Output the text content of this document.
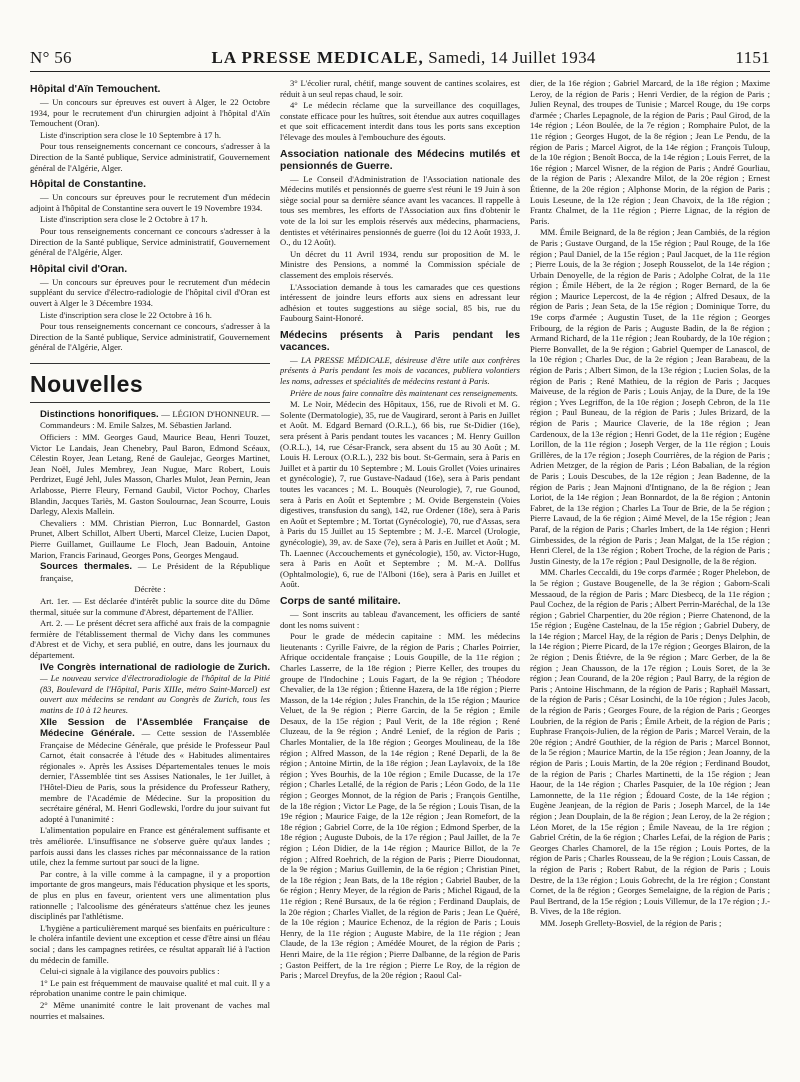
N° 56	LA PRESSE MEDICALE, Samedi, 14 Juillet 1934	1151
Hôpital d'Aïn Temouchent.

— Un concours sur épreuves est ouvert à Alger, le 22 Octobre 1934, pour le recrutement d'un chirurgien adjoint à l'hôpital d'Aïn Temouchent (Oran).

Liste d'inscription sera close le 10 Septembre à 17 h.

Pour tous renseignements concernant ce concours, s'adresser à la Direction de la Santé publique, Service administratif, Gouvernement général de l'Algérie, Alger.

Hôpital de Constantine.

— Un concours sur épreuves pour le recrutement d'un médecin adjoint à l'hôpital de Constantine sera ouvert le 19 Novembre 1934.

Liste d'inscription sera close le 2 Octobre à 17 h.

Pour tous renseignements concernant ce concours s'adresser à la Direction de la Santé publique, Service administratif, Gouvernement général de l'Algérie, Alger.

Hôpital civil d'Oran.

— Un concours sur épreuves pour le recrutement d'un médecin suppléant du service d'électro-radiologie de l'hôpital civil d'Oran est ouvert à Alger le 3 Décembre 1934.

Liste d'inscription sera close le 22 Octobre à 16 h.

Pour tous renseignements concernant ce concours, s'adresser à la Direction de la Santé publique, Service administratif, Gouvernement général de l'Algérie, Alger.

Nouvelles

Distinctions honorifiques. — LÉGION D'HONNEUR. — Commandeurs : M. Emile Salzes, M. Sébastien Jarland.

Officiers : MM. Georges Gaud, Maurice Beau, Henri Touzet, Victor Le Landais, Jean Chenebry, Paul Baron, Edmond Scéaux, Célestin Royer, Jean Letang, René de Gaulejac, Georges Martinet, Jean Noël, Jules Membrey, Jean Nugue, Marc Robert, Louis Perdrizet, Eugé Jehl, Jules Masson, Charles Mulot, Jean Pernin, Jean Arlabosse, Pierre Fleury, Fernand Gaubil, Victor Pochoy, Charles Blandin, Jacques Tariès, M. Gaston Soulournac, Jean Scourre, Louis Darlegy, Alexis Mallein.

Chevaliers : MM. Christian Pierron, Luc Bonnardel, Gaston Prunet, Albert Schillot, Albert Uberti, Marcel Cleize, Lucien Dapot, Pierre Guillamet, Guillaume Le Floch, Jean Badouin, Antoine Marion, Francis Farinaud, Georges Pons, Georges Mengaud.

Sources thermales. — Le Président de la République française,

Décrète :

Art. 1er. — Est déclarée d'intérêt public la source dite du Dôme thermal, située sur la commune d'Abrest, département de l'Allier.

Art. 2. — Le présent décret sera affiché aux frais de la compagnie fermière de l'établissement thermal de Vichy dans les communes d'Abrest et de Vichy, et sera publié, en outre, dans les journaux du département.

IVe Congrès international de radiologie de Zurich. — Le nouveau service d'électroradiologie de l'hôpital de la Pitié (83, Boulevard de l'Hôpital, Paris XIIIe, métro Saint-Marcel) est ouvert aux médecins se rendant au Congrès de Zurich, tous les matins de 10 à 12 heures.

XIIe Session de l'Assemblée Française de Médecine Générale. — Cette session de l'Assemblée Française de Médecine Générale, que préside le Professeur Paul Carnot, était consacrée à l'étude des « Habitudes alimentaires régionales ». Après les Assises Départementales tenues le mois dernier, l'Assemblée tint ses Assises Nationales, le 1er Juillet, à l'Hôtel-Dieu de Paris, sous la présidence du Professeur Rathery, membre de l'Académie de Médecine. Sur la proposition du secrétaire général, M. Henri Godlewski, l'ordre du jour suivant fut adopté à l'unanimité :

L'alimentation populaire en France est généralement suffisante et très améliorée. L'insuffisance ne s'observe guère qu'aux landes ; parfois aussi dans les classes riches par méconnaissance de la ration utile, chez la femme surtout par souci de la ligne.

Par contre, à la ville comme à la campagne, il y a proportion importante de gros mangeurs, mais l'éducation physique et les sports, de plus en plus en faveur, orientent vers une alimentation plus rationnelle ; l'alcoolisme des générateurs s'atténue chez les jeunes disciplinés par l'athlétisme.

L'hygiène a particulièrement marqué ses bienfaits en puériculture : le choléra infantile devient une exception et cesse d'être ainsi un fléau social ; dans les campagnes retirées, ce résultat apparaît lié à l'action du médecin de famille.

Celui-ci signale à la vigilance des pouvoirs publics :

1° Le pain est fréquemment de mauvaise qualité et mal cuit. Il y a réprobation unanime contre le pain chimique.

2° Même unanimité contre le lait provenant de vaches mal nourries et malsaines.

3° L'écolier rural, chétif, mange souvent de cantines scolaires, est réduit à un seul repas chaud, le soir.

4° Le médecin réclame que la surveillance des coquillages, constate efficace pour les huîtres, soit étendue aux autres coquillages et que soit efficacement interdit dans tous les ports sans exception l'élevage des moules à l'embouchure des égouts.

Association nationale des Médecins mutilés et pensionnés de Guerre.

— Le Conseil d'Administration de l'Association nationale des Médecins mutilés et pensionnés de guerre s'est réuni le 19 Juin à son siège social pour sa dernière séance avant les vacances. Il rappelle à tous ses membres, les efforts de l'Association aux fins d'obtenir le vote de la loi sur les emplois réservés aux médecins, pharmaciens, dentistes et vétérinaires pensionnés de guerre (loi du 12 Août 1933, J. O., du 12 Août).

Un décret du 11 Avril 1934, rendu sur proposition de M. le Ministre des Pensions, a nommé la Commission spéciale de classement des emplois réservés.

L'Association demande à tous les camarades que ces questions intéressent de joindre leurs efforts aux siens en adressant leur adhésion et toutes suggestions au siège social, 85 bis, rue du Faubourg Saint-Honoré.

Médecins présents à Paris pendant les vacances.

— LA PRESSE MÉDICALE, désireuse d'être utile aux confrères présents à Paris pendant les mois de vacances, publiera volontiers les noms, adresses et spécialités de médecins restant à Paris.

Prière de nous faire connaître dès maintenant ces renseignements.

M. Le Noir, Médecin des Hôpitaux, 156, rue de Rivoli et M. G. Solente (Dermatologie), 35, rue de Vaugirard, seront à Paris en Juillet et Août. M. Edgard Bernard (O.R.L.), 66 bis, rue St-Didier (16e), sera présent à Paris pendant toutes les vacances ; M. Henry Guillon (O.R.L.), 14, rue César-Franck, sera absent du 15 au 30 Août ; M. Louis H. Leroux (O.R.L.), 232 bis bout. St-Germain, sera à Paris en Juillet et à partir du 10 Septembre ; M. Louis Grollet (Voies urinaires et gynécologie), 7, rue Gustave-Nadaud (16e), sera à Paris pendant toutes les vacances ; M. L. Bouquès (Neurologie), 7, rue Gounod, sera à Paris en Août et Septembre ; M. Ovide Bergenstein (Voies digestives, transfusion du sang), 142, rue Ordener (18e), sera à Paris en Août et Septembre ; M. Tortat (Gynécologie), 70, rue d'Assas, sera à Paris du 15 Juillet au 15 Septembre ; M. J.-E. Marcel (Urologie, gynécologie), 39, av. de Saxe (7e), sera à Paris en Juillet et Août ; M. Th. Laennec (Accouchements et gynécologie), 150, av. Victor-Hugo, sera à Paris en Août et Septembre ; M. M.-A. Dollfus (Ophtalmologie), 6, rue de l'Alboni (16e), sera à Paris en Juillet et Août.

Corps de santé militaire.

— Sont inscrits au tableau d'avancement, les officiers de santé dont les noms suivent :

Pour le grade de médecin capitaine : MM. les médecins lieutenants : Cyrille Faivre, de la région de Paris ; Charles Poirrier, Afrique occidentale française ; Louis Goupille, de la 11e région ; Charles Lasserre, de la 18e région ; Pierre Keller, des troupes du groupe de l'Indochine ; Louis Fagart, de la 9e région ; Théodore Chevalier, de la 13e région ; Étienne Hazera, de la 18e région ; Pierre Masson, de la 14e région ; Jules Franchin, de la 15e région ; Maurice Veluet, de la 9e région ; Pierre Garcin, de la 5e région ; Emile Desaux, de la 15e région ; Paul Verit, de la 18e région ; René Cluzeau, de la 9e région ; André Lenief, de la région de Paris ; Charles Montalier, de la 18e région ; Georges Moulineau, de la 18e région ; Alfred Masson, de la 14e région ; René Deparli, de la 8e région ; Antoine Mirtin, de la 18e région ; Jean Laylavoix, de la 18e région ; Yves Bourhis, de la 10e région ; Emile Ducasse, de la 17e région ; Charles Letallé, de la région de Paris ; Léon Godo, de la 11e région ; Georges Monnot, de la région de Paris ; François Gentilhe, de la 18e région ; Victor Le Page, de la 5e région ; Louis Tisan, de la 19e région ; Maurice Faige, de la 12e région ; Jean Romefort, de la 18e région ; Gabriel Corre, de la 10e région ; Edmond Sperber, de la 18e région ; Auguste Dubois, de la 17e région ; Paul Jaillet, de la 7e région ; Léon Didier, de la 14e région ; Maurice Billot, de la 7e région ; Alfred Roehrich, de la région de Paris ; Pierre Dioudonnat, de la 9e région ; Marius Guillemin, de la 6e région ; Christian Pinet, de la 18e région ; Jean Bats, de la 18e région ; Gabriel Bauber, de la 6e région ; Henry Meyer, de la région de Paris ; Michel Rigaud, de la 11e région ; René Bursaux, de la 6e région ; Ferdinand Dauplais, de la 20e région ; Charles Viallet, de la région de Paris ; Jean Le Quéré, de la 10e région ; Maurice Echenoz, de la région de Paris ; Louis Henry, de la 11e région ; Auguste Mabire, de la 11e région ; Jean Claude, de la 13e région ; Amédée Mouret, de la région de Paris ; Henri Maire, de la 11e région ; Pierre Dalbanne, de la région de Paris ; Gaston Peiffert, de la 1re région ; Pierre Le Roy, de la région de Paris ; Marcel Dreyfus, de la 20e région ; Raoul Cal-

dier, de la 16e région ; Gabriel Marcard, de la 18e région ; Maxime Leroy, de la région de Paris ; Henri Verdier, de la région de Paris ; Julien Reynal, des troupes de Tunisie ; Marcel Rouge, du 19e corps d'armée ; Charles Lepagnole, de la région de Paris ; Paul Girod, de la 14e région ; Léon Boulée, de la 7e région ; Romphaire Pulot, de la 11e région ; Georges Hugot, de la 8e région ; Jean Le Pendu, de la région de Paris ; Marcel Aigrot, de la 14e région ; François Tuloup, de la 10e région ; Benoît Bocca, de la 14e région ; Louis Ferret, de la 16e région ; Marcel Wisner, de la région de Paris ; André Gourliau, de la région de Paris ; Alexandre Milot, de la 20e région ; Ernest Étienne, de la 20e région ; Alphonse Morin, de la région de Paris ; Louis Leseune, de la 12e région ; Jean Chavoix, de la 18e région ; Frantz Chalmet, de la 11e région ; Pierre Lignac, de la région de Paris.

MM. Émile Beignard, de la 8e région ; Jean Cambiés, de la région de Paris ; Gustave Ourgand, de la 15e région ; Paul Rouge, de la 16e région ; Paul Daniel, de la 15e région ; Paul Jacquet, de la 11e région ; Pierre Louis, de la 3e région ; Joseph Rousselot, de la 14e région ; Urbain Denoyelle, de la région de Paris ; Adolphe Colrat, de la 11e région ; Émile Hébert, de la 2e région ; Roger Bernard, de la 6e région ; Maurice Lepercost, de la 4e région ; Alfred Desaux, de la région de Paris ; Jean Seta, de la 15e région ; Dominique Torre, du 19e corps d'armée ; Augustin Tuset, de la 11e région ; Georges Fribourg, de la région de Paris ; Auguste Badin, de la 8e région ; Armand Richard, de la 11e région ; Jean Roubardy, de la 10e région ; Pierre Bonvallet, de la 9e région ; Gabriel Quemper de Lanascol, de la 10e région ; Charles Duc, de la 2e région ; Jean Barabeau, de la région de Paris ; Albert Simon, de la 13e région ; Lucien Solas, de la région de Paris ; René Mathieu, de la région de Paris ; Jacques Maiveuse, de la région de Paris ; Louis Anjay, de la Dure, de la 19e région ; Yves Legriffon, de la 10e région ; Joseph Cebron, de la 11e région ; Paul Buneau, de la région de Paris ; Jules Brizard, de la région de Paris ; Maurice Claverie, de la 18e région ; Jean Cardenoux, de la 13e région ; Henri Godet, de la 11e région ; Eugène Lorillon, de la 11e région ; Joseph Verger, de la 11e région ; Louis Grillères, de la 17e région ; Joseph Courrières, de la région de Paris ; Adrien Metzger, de la région de Paris ; Léon Babalian, de la région de Paris ; Louis Descubes, de la 12e région ; Jean Badenne, de la région de Paris ; Jean Majnoni d'Intignano, de la 8e région ; Jean Loriot, de la 14e région ; Jean Bonnardot, de la 8e région ; Antonin Fabret, de la 13e région ; Charles La Tour de Brie, de la 5e région ; Pierre Lavaud, de la 6e région ; Aimé Mevel, de la 15e région ; Jean Paraf, de la région de Paris ; Charles Imbert, de la 14e région ; Henri Gimbessides, de la région de Paris ; Jean Malgat, de la 15e région ; Henri Clerel, de la 13e région ; Robert Troche, de la région de Paris ; Justin Ginesty, de la 17e région ; Paul Designolle, de la 8e région.

MM. Charles Ceccaldi, du 19e corps d'armée ; Roger Phelebon, de la 5e région ; Gustave Bougenelle, de la 3e région ; Gaborn-Scali Messaoud, de la région de Paris ; Marc Diesbecq, de la 11e région ; Paul Cochez, de la région de Paris ; Albert Perrin-Maréchal, de la 13e région ; Gabriel Charpentier, du 20e région ; Pierre Chatenond, de la 15e région ; Eugène Castelnau, de la 15e région ; Gabriel Dubery, de la 14e région ; Marcel Hay, de la région de Paris ; Denys Delphin, de la 14e région ; Pierre Picard, de la 17e région ; Georges Blairon, de la 2e région ; Denis Étiévre, de la 9e région ; Marc Gerber, de la 8e région ; Jean Chausson, de la 17e région ; Louis Soret, de la 3e région ; Jean Courand, de la 20e région ; Paul Barry, de la région de Paris ; Antoine Hischmann, de la région de Paris ; Raphaël Massart, de la région de Paris ; César Losinchi, de la 10e région ; Jules Jacob, de la région de Paris ; Georges Foure, de la région de Paris ; Georges Loubrien, de la région de Paris ; Émile Arbeit, de la région de Paris ; Euphrase François-Julien, de la région de Paris ; Marcel Verain, de la 20e région ; André Gouthier, de la région de Paris ; Marcel Bonnot, de la 5e région ; Maurice Martin, de la 15e région ; Jean Joanny, de la région de Paris ; Louis Martin, de la 20e région ; Ferdinand Boudot, de la région de Paris ; Charles Martinetti, de la 15e région ; Jean Haour, de la 14e région ; Charles Pasquier, de la 10e région ; Jean Lamonnette, de la 11e région ; Édouard Coste, de la 14e région ; Eugène Jeanjean, de la région de Paris ; Joseph Marcel, de la 14e région ; Jean Douplain, de la 8e région ; Jean Leroy, de la 2e région ; Léon Moret, de la 15e région ; Émile Naveau, de la 1re région ; Gabriel Crétin, de la 6e région ; Charles Lefai, de la région de Paris ; Georges Charles Chamorel, de la 15e région ; Louis Portes, de la région de Paris ; Charles Rousseau, de la 9e région ; Louis Cassan, de la région de Paris ; Robert Rabut, de la région de Paris ; Louis Destre, de la 13e région ; Louis Gobrecht, de la 1re région ; Constant Cornet, de la 8e région ; Georges Semelaigne, de la région de Paris ; Paul Bertrand, de la 15e région ; Louis Villemur, de la 17e région ; J.-B. Vives, de la 18e région.

MM. Joseph Grellety-Bosviel, de la région de Paris ;
